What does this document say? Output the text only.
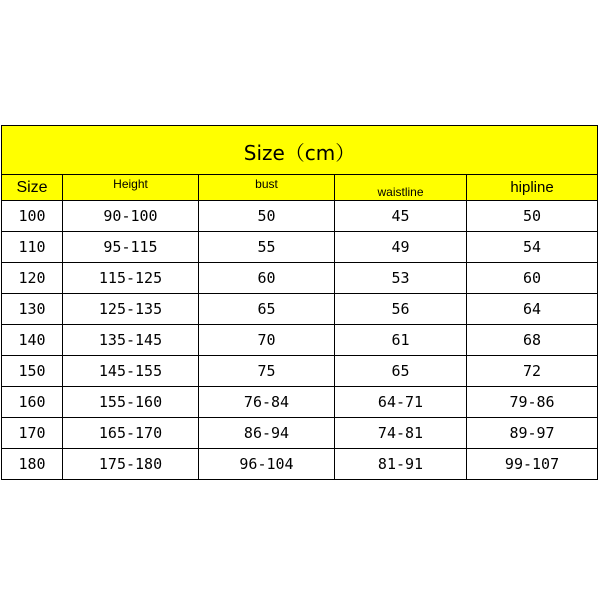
Size（cm）				
Size	Height	bust	waistline	hipline
100	90-100	50	45	50
110	95-115	55	49	54
120	115-125	60	53	60
130	125-135	65	56	64
140	135-145	70	61	68
150	145-155	75	65	72
160	155-160	76-84	64-71	79-86
170	165-170	86-94	74-81	89-97
180	175-180	96-104	81-91	99-107
